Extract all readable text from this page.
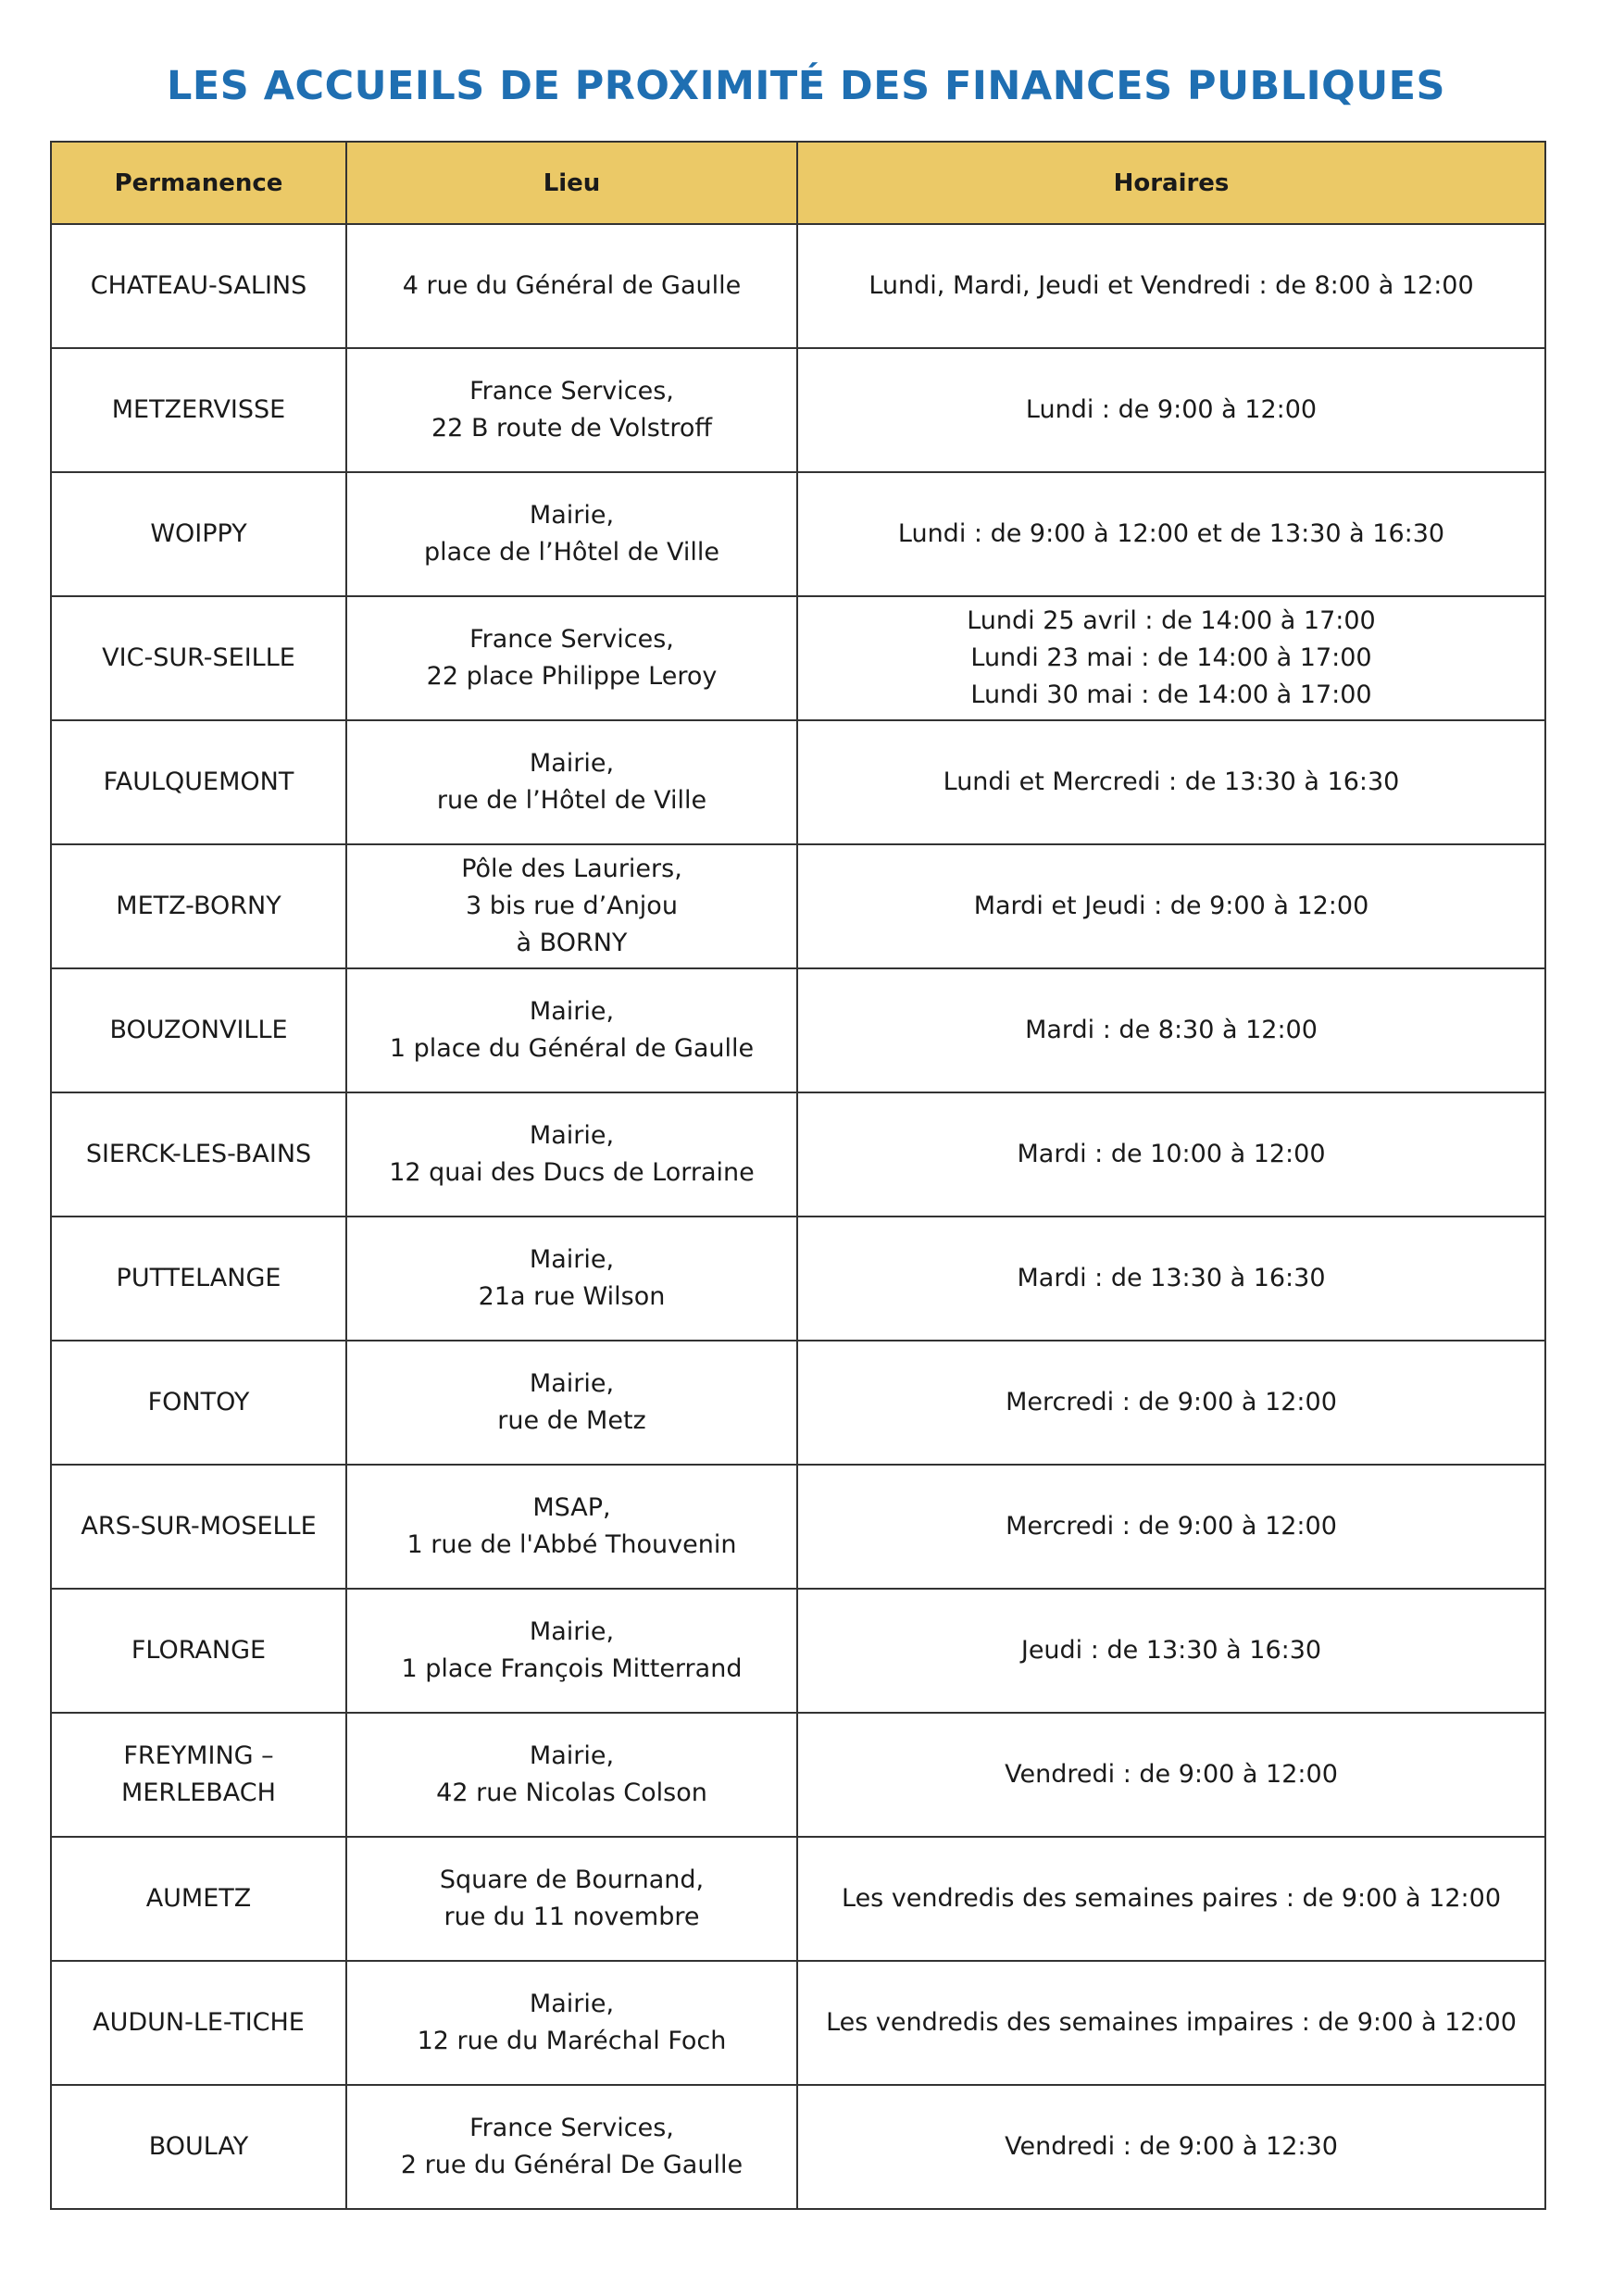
LES ACCUEILS DE PROXIMITÉ DES FINANCES PUBLIQUES
Permanence	Lieu	Horaires

CHATEAU-SALINS	4 rue du Général de Gaulle	Lundi, Mardi, Jeudi et Vendredi : de 8:00 à 12:00

METZERVISSE	France Services,
22 B route de Volstroff	Lundi : de 9:00 à 12:00

WOIPPY	Mairie,
place de l’Hôtel de Ville	Lundi : de 9:00 à 12:00 et de 13:30 à 16:30

VIC-SUR-SEILLE	France Services,
22 place Philippe Leroy	Lundi 25 avril : de 14:00 à 17:00
Lundi 23 mai : de 14:00 à 17:00
Lundi 30 mai : de 14:00 à 17:00

FAULQUEMONT	Mairie,
rue de l’Hôtel de Ville	Lundi et Mercredi : de 13:30 à 16:30

METZ-BORNY	Pôle des Lauriers,
3 bis rue d’Anjou
à BORNY	Mardi et Jeudi : de 9:00 à 12:00

BOUZONVILLE	Mairie,
1 place du Général de Gaulle	Mardi : de 8:30 à 12:00

SIERCK-LES-BAINS	Mairie,
12 quai des Ducs de Lorraine	Mardi : de 10:00 à 12:00

PUTTELANGE	Mairie,
21a rue Wilson	Mardi : de 13:30 à 16:30

FONTOY	Mairie,
rue de Metz	Mercredi : de 9:00 à 12:00

ARS-SUR-MOSELLE	MSAP,
1 rue de l'Abbé Thouvenin	Mercredi : de 9:00 à 12:00

FLORANGE	Mairie,
1 place François Mitterrand	Jeudi : de 13:30 à 16:30

FREYMING –
MERLEBACH	Mairie,
42 rue Nicolas Colson	Vendredi : de 9:00 à 12:00

AUMETZ	Square de Bournand,
rue du 11 novembre	Les vendredis des semaines paires : de 9:00 à 12:00

AUDUN-LE-TICHE	Mairie,
12 rue du Maréchal Foch	Les vendredis des semaines impaires : de 9:00 à 12:00

BOULAY	France Services,
2 rue du Général De Gaulle	Vendredi : de 9:00 à 12:30
